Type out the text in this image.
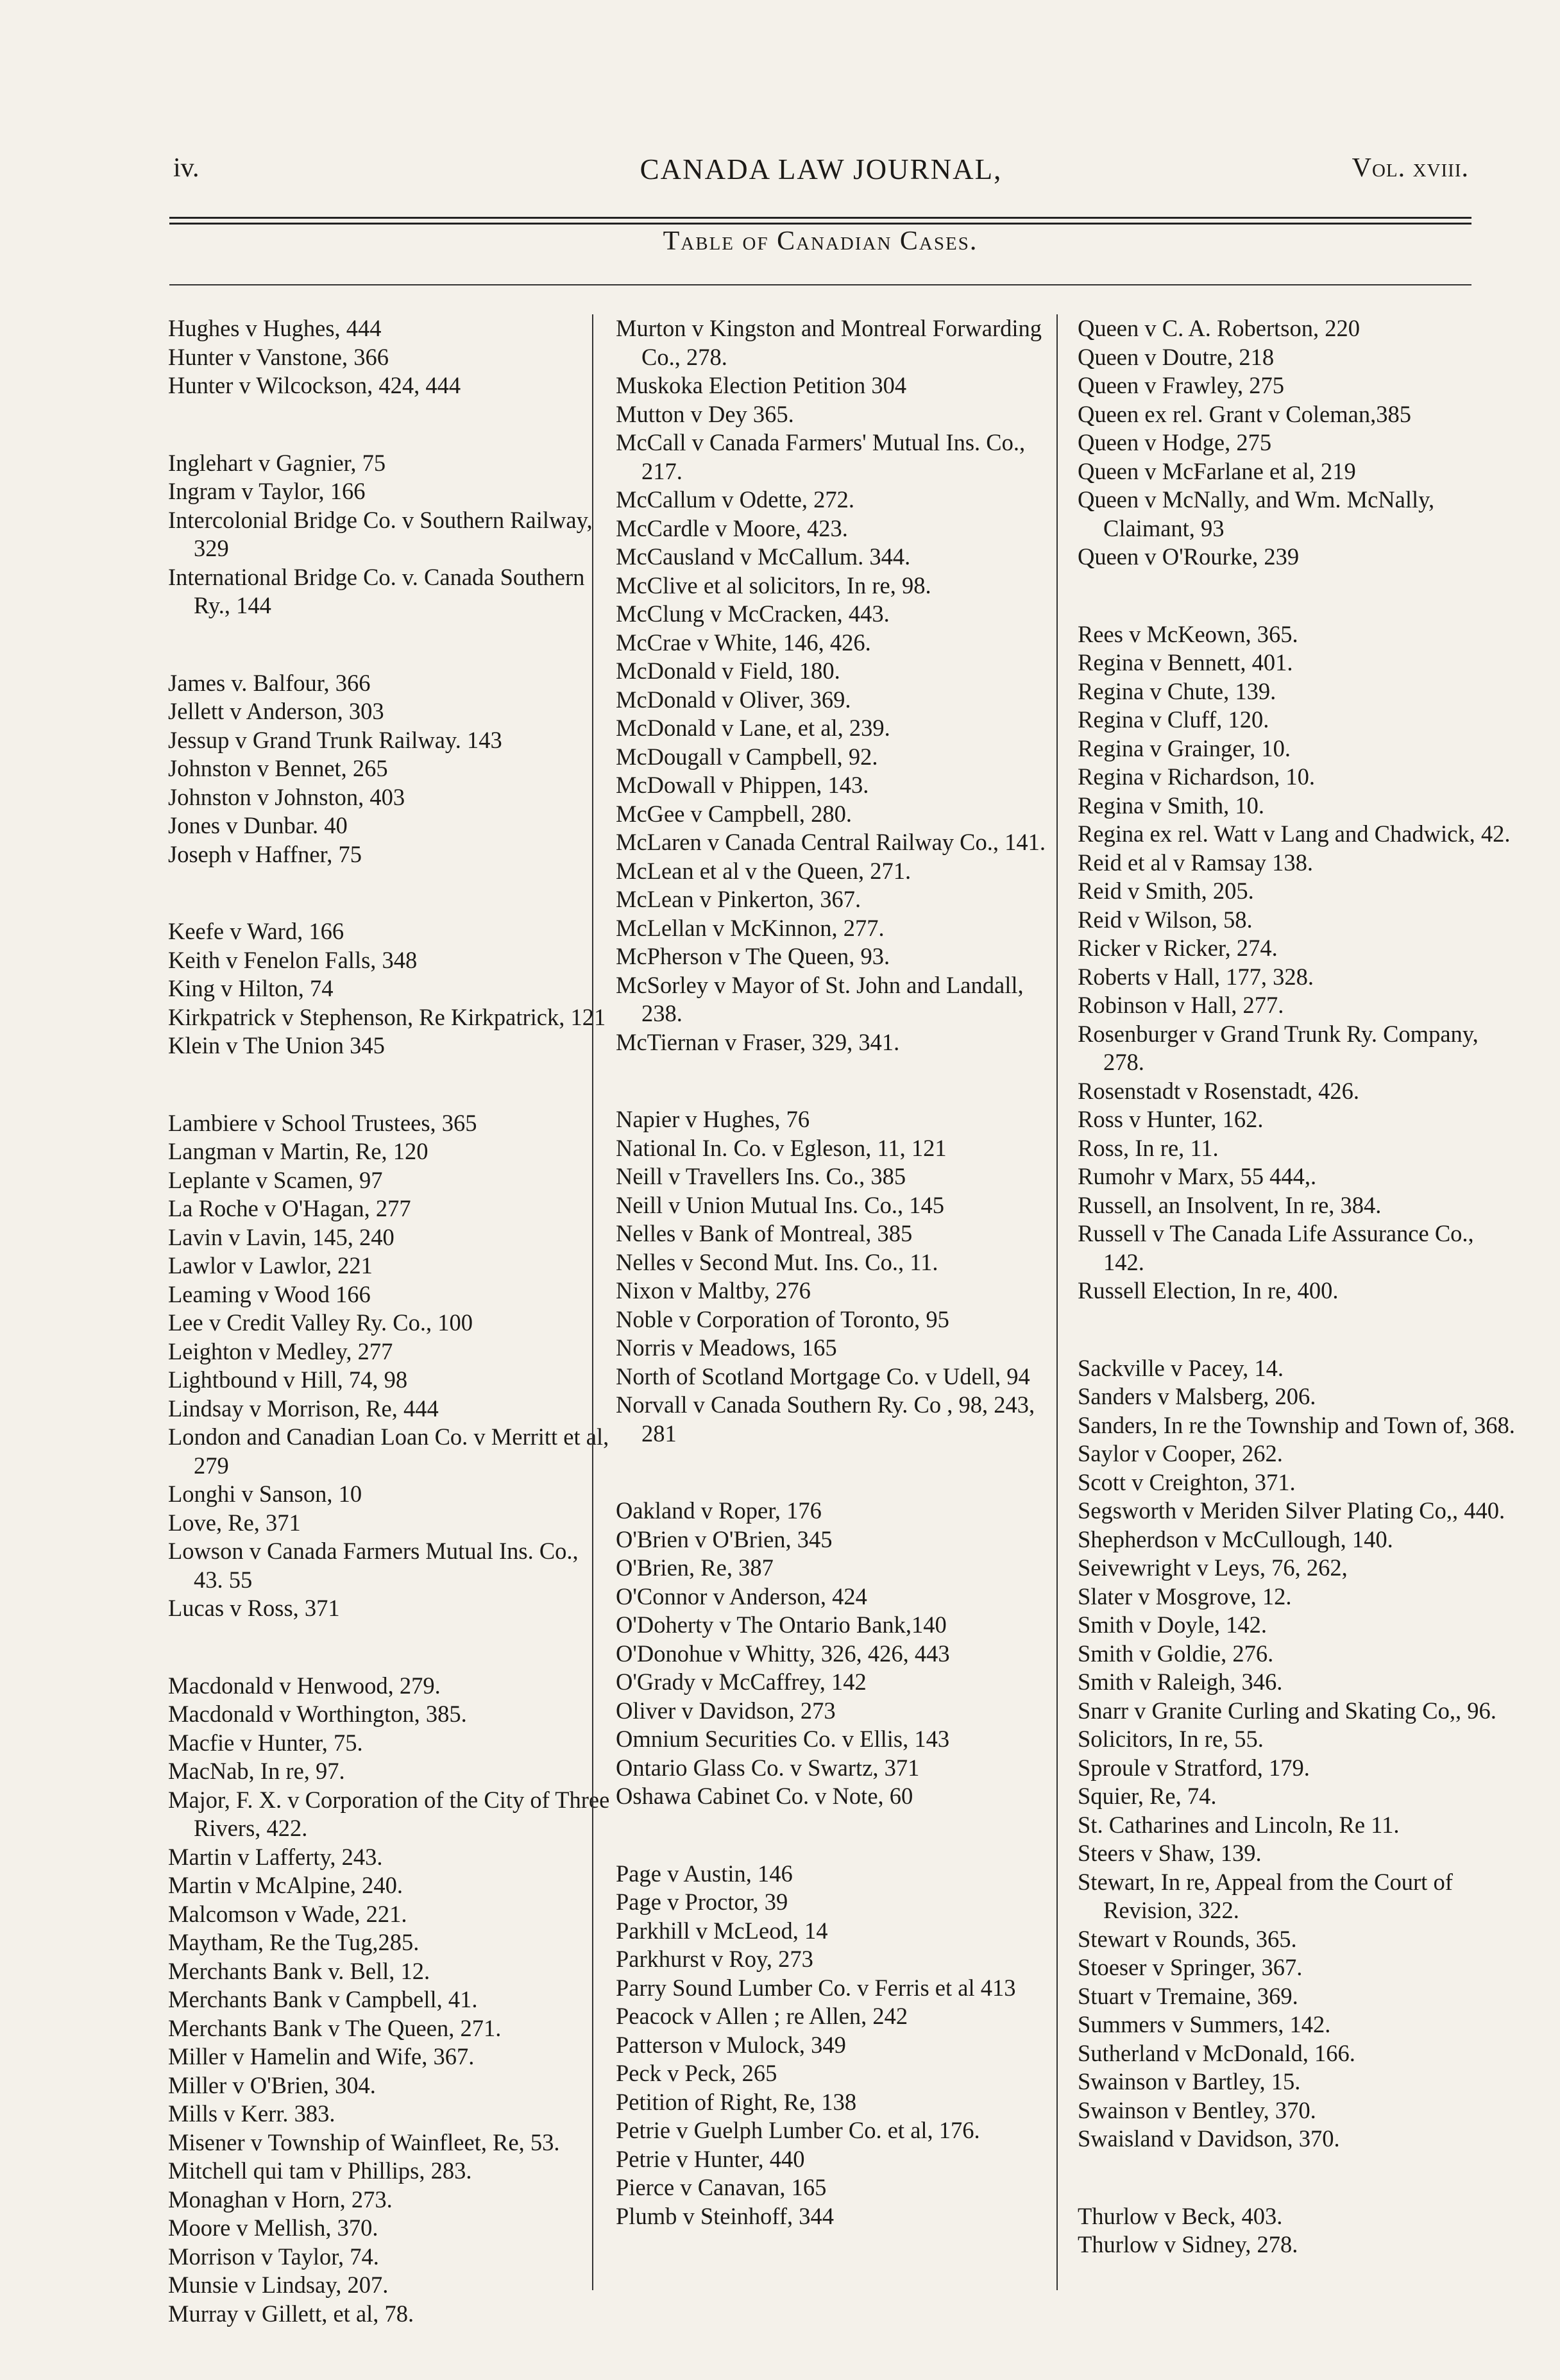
iv.	CANADA LAW JOURNAL,	Vol. xviii.
Table of Canadian Cases.

Hughes v Hughes, 444

Hunter v Vanstone, 366

Hunter v Wilcockson, 424, 444

Inglehart v Gagnier, 75

Ingram v Taylor, 166

Intercolonial Bridge Co. v Southern Railway, 329

International Bridge Co. v. Canada Southern Ry., 144

James v. Balfour, 366

Jellett v Anderson, 303

Jessup v Grand Trunk Railway. 143

Johnston v Bennet, 265

Johnston v Johnston, 403

Jones v Dunbar. 40

Joseph v Haffner, 75

Keefe v Ward, 166

Keith v Fenelon Falls, 348

King v Hilton, 74

Kirkpatrick v Stephenson, Re Kirkpatrick, 121

Klein v The Union 345

Lambiere v School Trustees, 365

Langman v Martin, Re, 120

Leplante v Scamen, 97

La Roche v O'Hagan, 277

Lavin v Lavin, 145, 240

Lawlor v Lawlor, 221

Leaming v Wood 166

Lee v Credit Valley Ry. Co., 100

Leighton v Medley, 277

Lightbound v Hill, 74, 98

Lindsay v Morrison, Re, 444

London and Canadian Loan Co. v Merritt et al, 279

Longhi v Sanson, 10

Love, Re, 371

Lowson v Canada Farmers Mutual Ins. Co., 43. 55

Lucas v Ross, 371

Macdonald v Henwood, 279.

Macdonald v Worthington, 385.

Macfie v Hunter, 75.

MacNab, In re, 97.

Major, F. X. v Corporation of the City of Three Rivers, 422.

Martin v Lafferty, 243.

Martin v McAlpine, 240.

Malcomson v Wade, 221.

Maytham, Re the Tug,285.

Merchants Bank v. Bell, 12.

Merchants Bank v Campbell, 41.

Merchants Bank v The Queen, 271.

Miller v Hamelin and Wife, 367.

Miller v O'Brien, 304.

Mills v Kerr. 383.

Misener v Township of Wainfleet, Re, 53.

Mitchell qui tam v Phillips, 283.

Monaghan v Horn, 273.

Moore v Mellish, 370.

Morrison v Taylor, 74.

Munsie v Lindsay, 207.

Murray v Gillett, et al, 78.

Murton v Kingston and Montreal Forwarding Co., 278.

Muskoka Election Petition 304

Mutton v Dey 365.

McCall v Canada Farmers' Mutual Ins. Co., 217.

McCallum v Odette, 272.

McCardle v Moore, 423.

McCausland v McCallum. 344.

McClive et al solicitors, In re, 98.

McClung v McCracken, 443.

McCrae v White, 146, 426.

McDonald v Field, 180.

McDonald v Oliver, 369.

McDonald v Lane, et al, 239.

McDougall v Campbell, 92.

McDowall v Phippen, 143.

McGee v Campbell, 280.

McLaren v Canada Central Railway Co., 141.

McLean et al v the Queen, 271.

McLean v Pinkerton, 367.

McLellan v McKinnon, 277.

McPherson v The Queen, 93.

McSorley v Mayor of St. John and Landall, 238.

McTiernan v Fraser, 329, 341.

Napier v Hughes, 76

National In. Co. v Egleson, 11, 121

Neill v Travellers Ins. Co., 385

Neill v Union Mutual Ins. Co., 145

Nelles v Bank of Montreal, 385

Nelles v Second Mut. Ins. Co., 11.

Nixon v Maltby, 276

Noble v Corporation of Toronto, 95

Norris v Meadows, 165

North of Scotland Mortgage Co. v Udell, 94

Norvall v Canada Southern Ry. Co , 98, 243, 281

Oakland v Roper, 176

O'Brien v O'Brien, 345

O'Brien, Re, 387

O'Connor v Anderson, 424

O'Doherty v The Ontario Bank,140

O'Donohue v Whitty, 326, 426, 443

O'Grady v McCaffrey, 142

Oliver v Davidson, 273

Omnium Securities Co. v Ellis, 143

Ontario Glass Co. v Swartz, 371

Oshawa Cabinet Co. v Note, 60

Page v Austin, 146

Page v Proctor, 39

Parkhill v McLeod, 14

Parkhurst v Roy, 273

Parry Sound Lumber Co. v Ferris et al 413

Peacock v Allen ; re Allen, 242

Patterson v Mulock, 349

Peck v Peck, 265

Petition of Right, Re, 138

Petrie v Guelph Lumber Co. et al, 176.

Petrie v Hunter, 440

Pierce v Canavan, 165

Plumb v Steinhoff, 344

Queen v C. A. Robertson, 220

Queen v Doutre, 218

Queen v Frawley, 275

Queen ex rel. Grant v Coleman,385

Queen v Hodge, 275

Queen v McFarlane et al, 219

Queen v McNally, and Wm. McNally, Claimant, 93

Queen v O'Rourke, 239

Rees v McKeown, 365.

Regina v Bennett, 401.

Regina v Chute, 139.

Regina v Cluff, 120.

Regina v Grainger, 10.

Regina v Richardson, 10.

Regina v Smith, 10.

Regina ex rel. Watt v Lang and Chadwick, 42.

Reid et al v Ramsay 138.

Reid v Smith, 205.

Reid v Wilson, 58.

Ricker v Ricker, 274.

Roberts v Hall, 177, 328.

Robinson v Hall, 277.

Rosenburger v Grand Trunk Ry. Company, 278.

Rosenstadt v Rosenstadt, 426.

Ross v Hunter, 162.

Ross, In re, 11.

Rumohr v Marx, 55 444,.

Russell, an Insolvent, In re, 384.

Russell v The Canada Life Assurance Co., 142.

Russell Election, In re, 400.

Sackville v Pacey, 14.

Sanders v Malsberg, 206.

Sanders, In re the Township and Town of, 368.

Saylor v Cooper, 262.

Scott v Creighton, 371.

Segsworth v Meriden Silver Plating Co,, 440.

Shepherdson v McCullough, 140.

Seivewright v Leys, 76, 262,

Slater v Mosgrove, 12.

Smith v Doyle, 142.

Smith v Goldie, 276.

Smith v Raleigh, 346.

Snarr v Granite Curling and Skating Co,, 96.

Solicitors, In re, 55.

Sproule v Stratford, 179.

Squier, Re, 74.

St. Catharines and Lincoln, Re 11.

Steers v Shaw, 139.

Stewart, In re, Appeal from the Court of Revision, 322.

Stewart v Rounds, 365.

Stoeser v Springer, 367.

Stuart v Tremaine, 369.

Summers v Summers, 142.

Sutherland v McDonald, 166.

Swainson v Bartley, 15.

Swainson v Bentley, 370.

Swaisland v Davidson, 370.

Thurlow v Beck, 403.

Thurlow v Sidney, 278.
